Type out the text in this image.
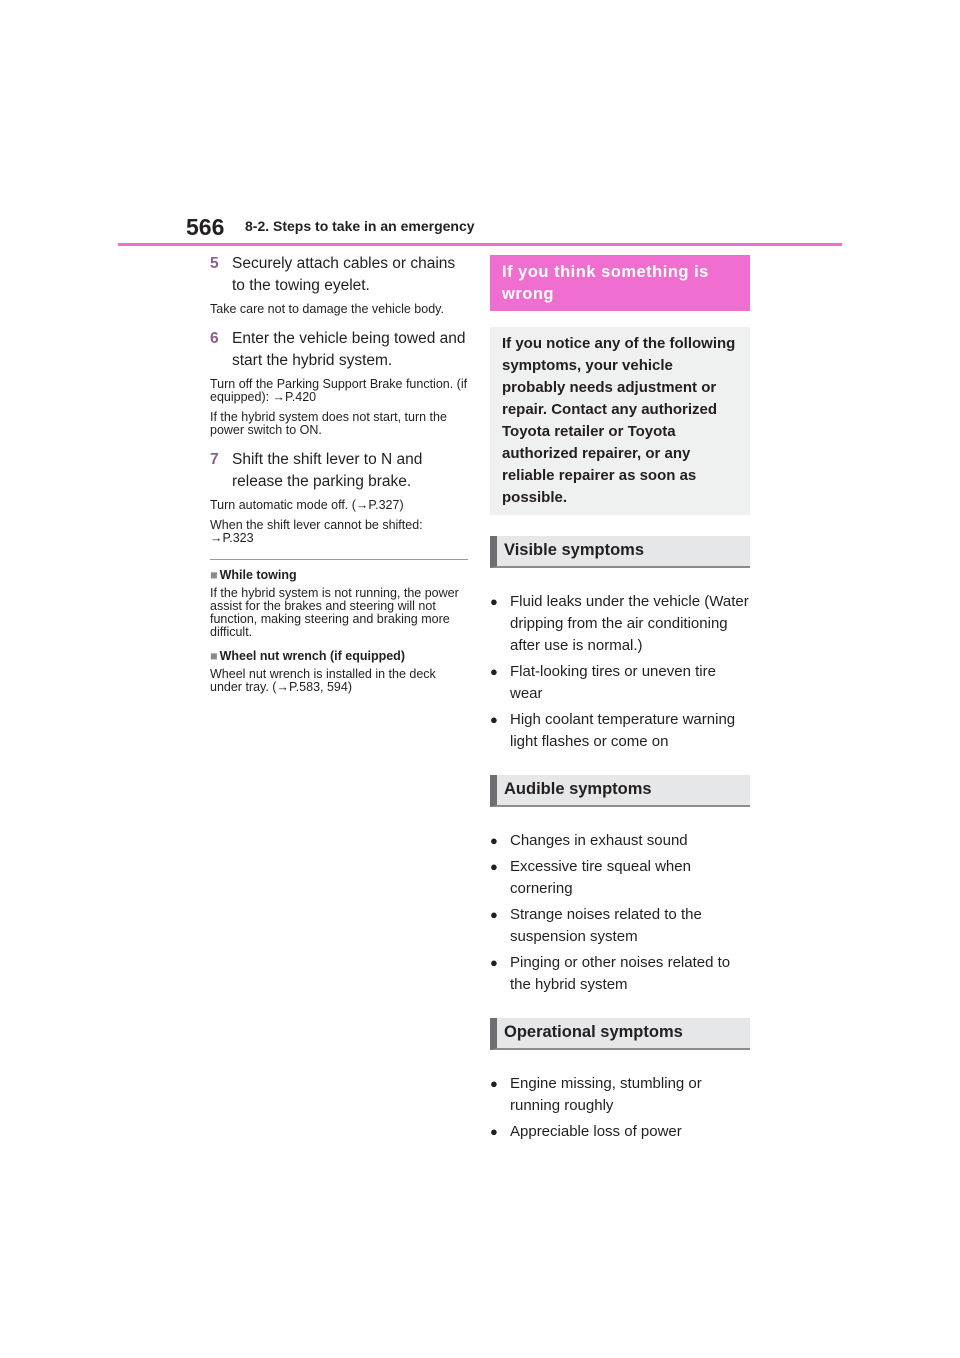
566 8-2. Steps to take in an emergency
5 Securely attach cables or chains to the towing eyelet.
Take care not to damage the vehicle body.
6 Enter the vehicle being towed and start the hybrid system.
Turn off the Parking Support Brake function. (if equipped): →P.420
If the hybrid system does not start, turn the power switch to ON.
7 Shift the shift lever to N and release the parking brake.
Turn automatic mode off. (→P.327)
When the shift lever cannot be shifted: →P.323
■ While towing
If the hybrid system is not running, the power assist for the brakes and steering will not function, making steering and braking more difficult.
■ Wheel nut wrench (if equipped)
Wheel nut wrench is installed in the deck under tray. (→P.583, 594)
If you think something is wrong
If you notice any of the following symptoms, your vehicle probably needs adjustment or repair. Contact any authorized Toyota retailer or Toyota authorized repairer, or any reliable repairer as soon as possible.
Visible symptoms
● Fluid leaks under the vehicle (Water dripping from the air conditioning after use is normal.)
● Flat-looking tires or uneven tire wear
● High coolant temperature warning light flashes or come on
Audible symptoms
● Changes in exhaust sound
● Excessive tire squeal when cornering
● Strange noises related to the suspension system
● Pinging or other noises related to the hybrid system
Operational symptoms
● Engine missing, stumbling or running roughly
● Appreciable loss of power
